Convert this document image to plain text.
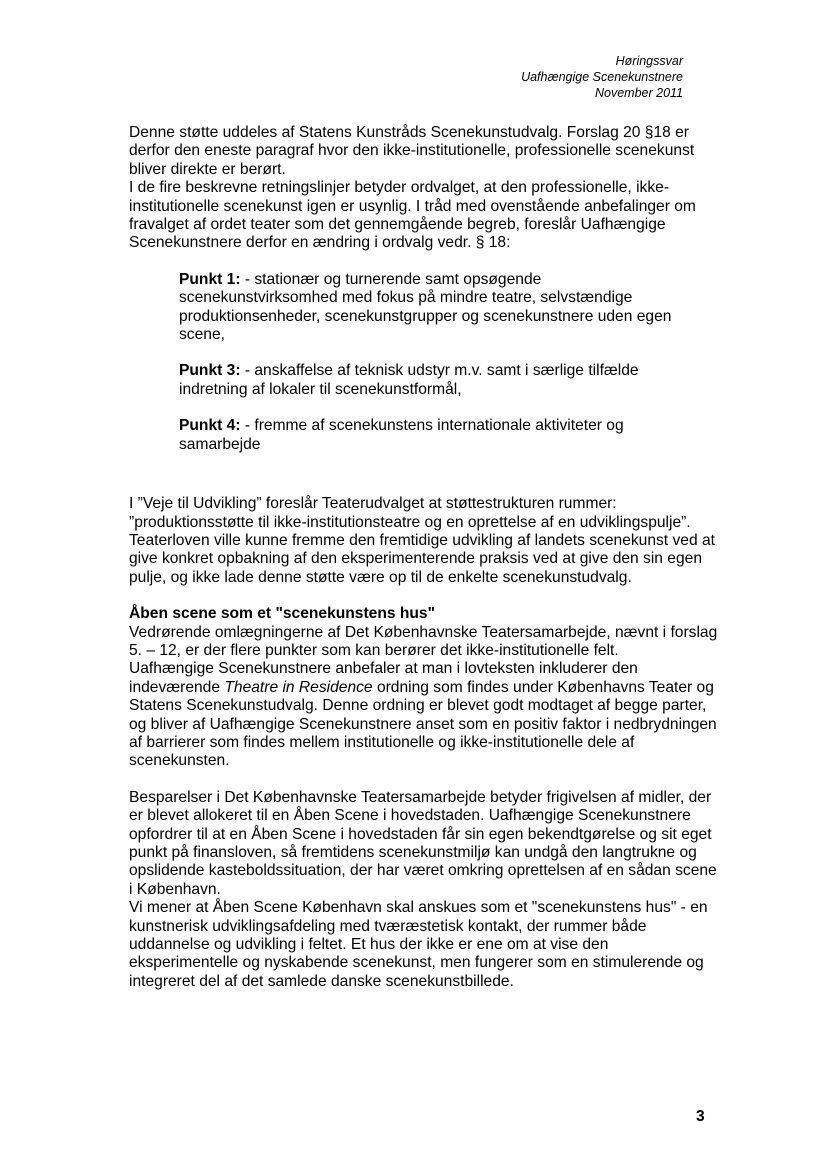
Høringssvar
Uafhængige Scenekunstnere
November 2011

Denne støtte uddeles af Statens Kunstråds Scenekunstudvalg. Forslag 20 §18 er derfor den eneste paragraf hvor den ikke-institutionelle, professionelle scenekunst bliver direkte er berørt.

I de fire beskrevne retningslinjer betyder ordvalget, at den professionelle, ikke-institutionelle scenekunst igen er usynlig. I tråd med ovenstående anbefalinger om fravalget af ordet teater som det gennemgående begreb, foreslår Uafhængige Scenekunstnere derfor en ændring i ordvalg vedr. § 18:

Punkt 1: - stationær og turnerende samt opsøgende scenekunstvirksomhed med fokus på mindre teatre, selvstændige produktionsenheder, scenekunstgrupper og scenekunstnere uden egen scene,

Punkt 3: - anskaffelse af teknisk udstyr m.v. samt i særlige tilfælde indretning af lokaler til scenekunstformål,

Punkt 4: - fremme af scenekunstens internationale aktiviteter og samarbejde

I ”Veje til Udvikling” foreslår Teaterudvalget at støttestrukturen rummer: ”produktionsstøtte til ikke-institutionsteatre og en oprettelse af en udviklingspulje”. Teaterloven ville kunne fremme den fremtidige udvikling af landets scenekunst ved at give konkret opbakning af den eksperimenterende praksis ved at give den sin egen pulje, og ikke lade denne støtte være op til de enkelte scenekunstudvalg.

Åben scene som et "scenekunstens hus"

Vedrørende omlægningerne af Det Københavnske Teatersamarbejde, nævnt i forslag 5. – 12, er der flere punkter som kan berører det ikke-institutionelle felt.

Uafhængige Scenekunstnere anbefaler at man i lovteksten inkluderer den indeværende Theatre in Residence ordning som findes under Københavns Teater og Statens Scenekunstudvalg. Denne ordning er blevet godt modtaget af begge parter, og bliver af Uafhængige Scenekunstnere anset som en positiv faktor i nedbrydningen af barrierer som findes mellem institutionelle og ikke-institutionelle dele af scenekunsten.

Besparelser i Det Københavnske Teatersamarbejde betyder frigivelsen af midler, der er blevet allokeret til en Åben Scene i hovedstaden. Uafhængige Scenekunstnere opfordrer til at en Åben Scene i hovedstaden får sin egen bekendtgørelse og sit eget punkt på finansloven, så fremtidens scenekunstmiljø kan undgå den langtrukne og opslidende kasteboldssituation, der har været omkring oprettelsen af en sådan scene i København.

Vi mener at Åben Scene København skal anskues som et "scenekunstens hus" - en kunstnerisk udviklingsafdeling med tværæstetisk kontakt, der rummer både uddannelse og udvikling i feltet. Et hus der ikke er ene om at vise den eksperimentelle og nyskabende scenekunst, men fungerer som en stimulerende og integreret del af det samlede danske scenekunstbillede.

3
